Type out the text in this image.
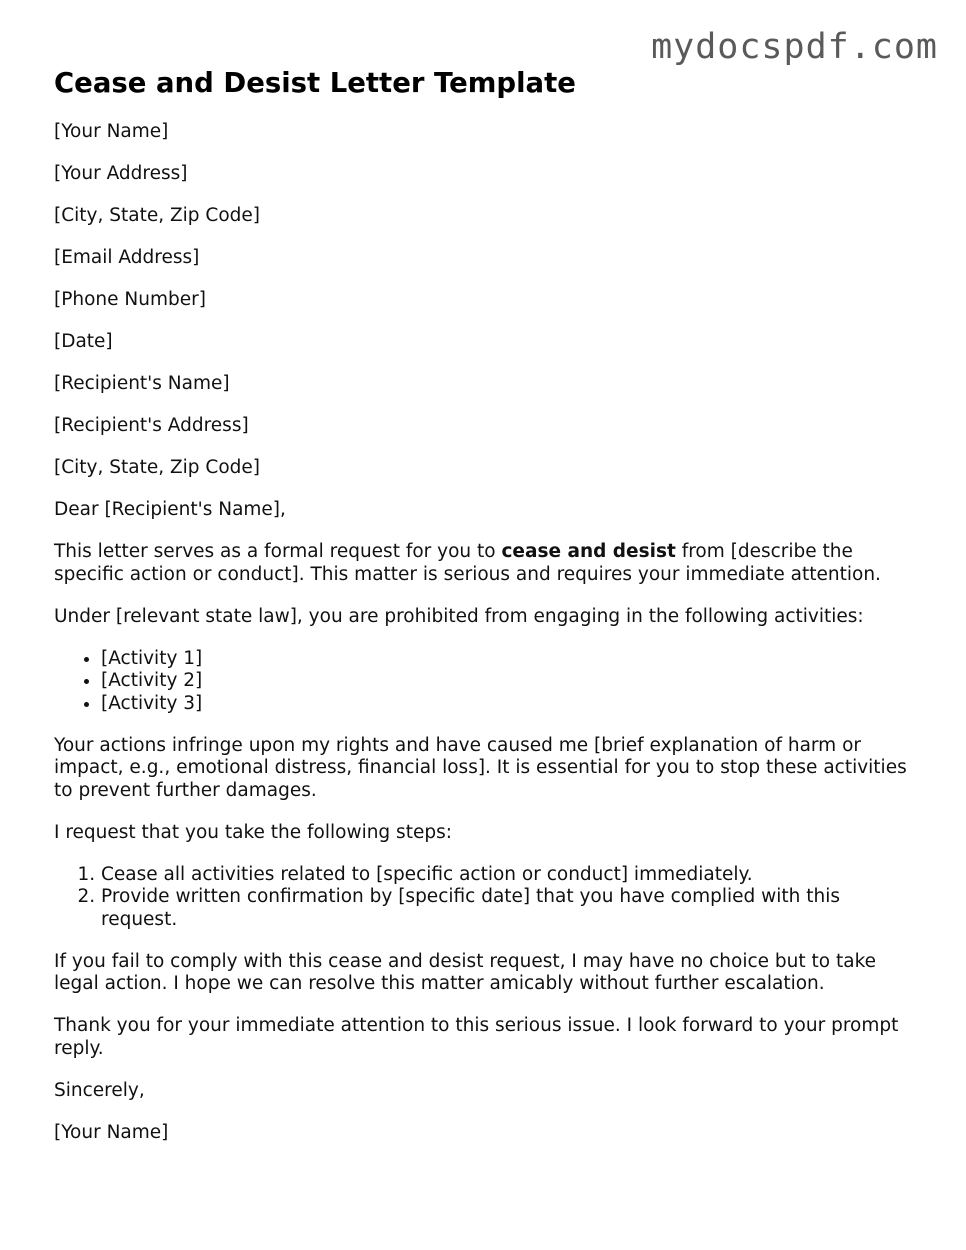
mydocspdf.com
Cease and Desist Letter Template

[Your Name]

[Your Address]

[City, State, Zip Code]

[Email Address]

[Phone Number]

[Date]

[Recipient's Name]

[Recipient's Address]

[City, State, Zip Code]

Dear [Recipient's Name],

This letter serves as a formal request for you to cease and desist from [describe the specific action or conduct]. This matter is serious and requires your immediate attention.

Under [relevant state law], you are prohibited from engaging in the following activities:

• [Activity 1]
• [Activity 2]
• [Activity 3]

Your actions infringe upon my rights and have caused me [brief explanation of harm or impact, e.g., emotional distress, financial loss]. It is essential for you to stop these activities to prevent further damages.

I request that you take the following steps:

1. Cease all activities related to [specific action or conduct] immediately.
2. Provide written confirmation by [specific date] that you have complied with this request.

If you fail to comply with this cease and desist request, I may have no choice but to take legal action. I hope we can resolve this matter amicably without further escalation.

Thank you for your immediate attention to this serious issue. I look forward to your prompt reply.

Sincerely,

[Your Name]
